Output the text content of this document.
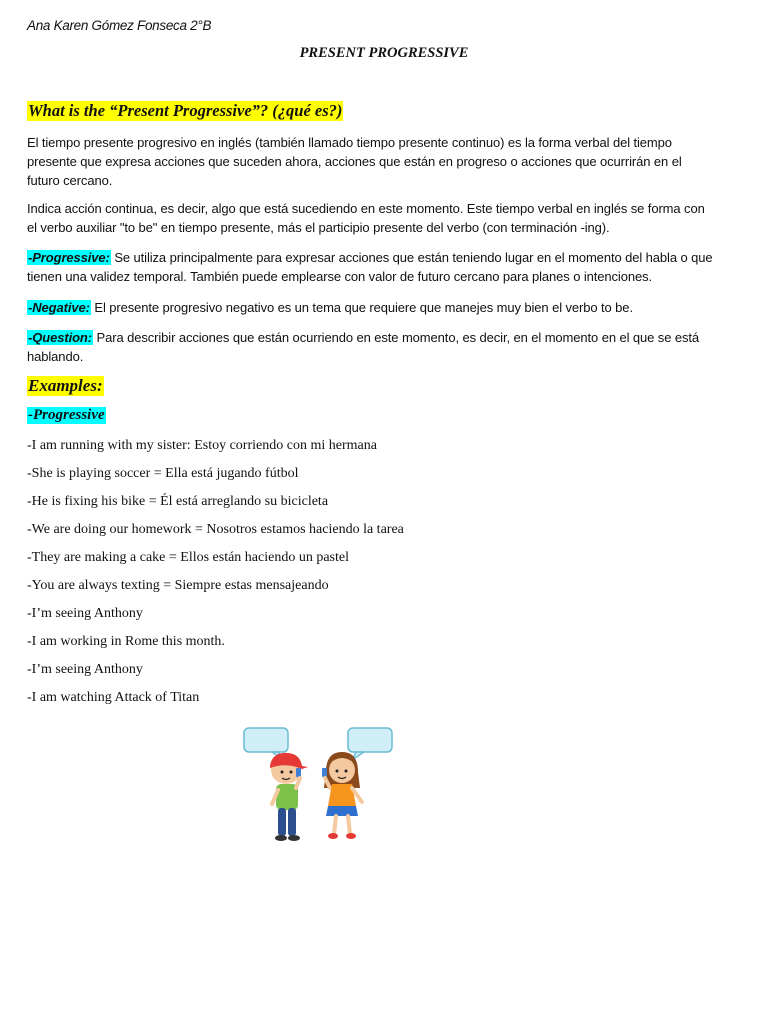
Ana Karen Gómez Fonseca 2°B
PRESENT PROGRESSIVE
What is the “Present Progressive”? (¿qué es?)
El tiempo presente progresivo en inglés (también llamado tiempo presente continuo) es la forma verbal del tiempo presente que expresa acciones que suceden ahora, acciones que están en progreso o acciones que ocurrirán en el futuro cercano.
Indica acción continua, es decir, algo que está sucediendo en este momento. Este tiempo verbal en inglés se forma con el verbo auxiliar "to be" en tiempo presente, más el participio presente del verbo (con terminación -ing).
-Progressive: Se utiliza principalmente para expresar acciones que están teniendo lugar en el momento del habla o que tienen una validez temporal. También puede emplearse con valor de futuro cercano para planes o intenciones.
-Negative: El presente progresivo negativo es un tema que requiere que manejes muy bien el verbo to be.
-Question: Para describir acciones que están ocurriendo en este momento, es decir, en el momento en el que se está hablando.
Examples:
-Progressive
-I am running with my sister: Estoy corriendo con mi hermana
-She is playing soccer = Ella está jugando fútbol
-He is fixing his bike = Él está arreglando su bicicleta
-We are doing our homework = Nosotros estamos haciendo la tarea
-They are making a cake = Ellos están haciendo un pastel
-You are always texting = Siempre estas mensajeando
-I’m seeing Anthony
-I am working in Rome this month.
-I’m seeing Anthony
-I am watching Attack of Titan
